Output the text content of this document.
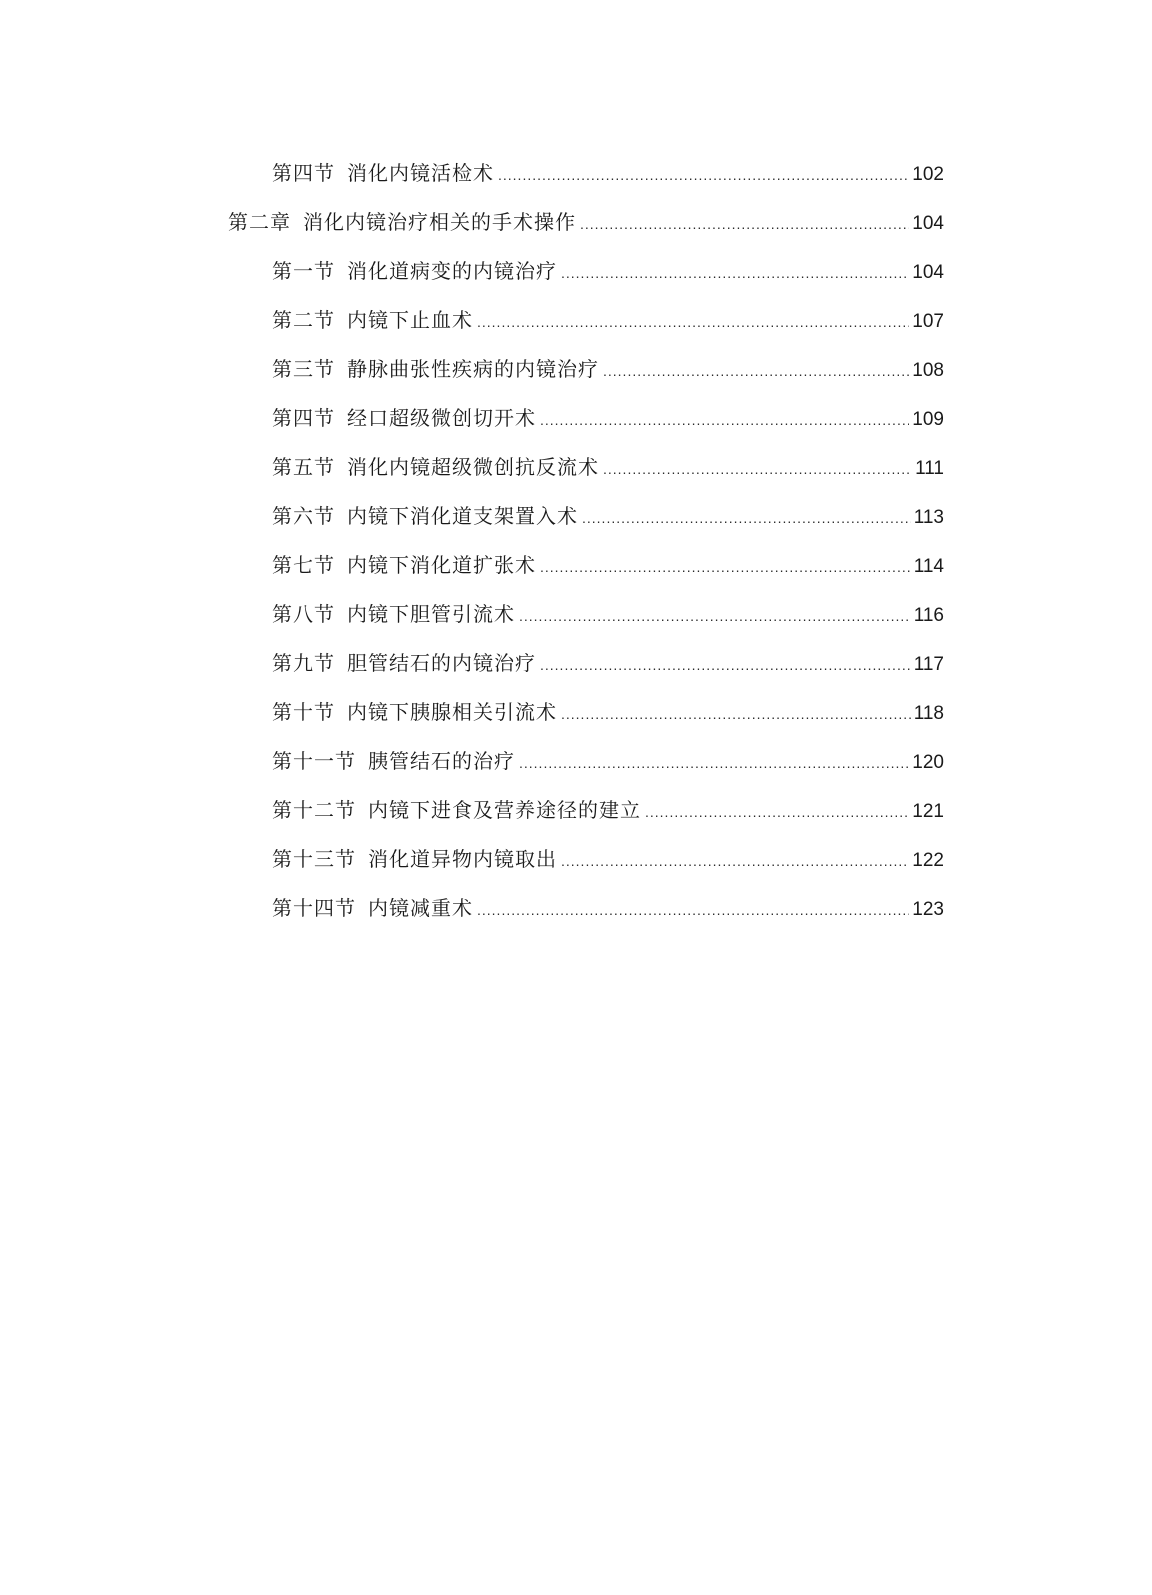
第四节 消化内镜活检术 .....	102
第二章 消化内镜治疗相关的手术操作 .....	104
第一节 消化道病变的内镜治疗 .....	104
第二节 内镜下止血术 .....	107
第三节 静脉曲张性疾病的内镜治疗 .....	108
第四节 经口超级微创切开术 .....	109
第五节 消化内镜超级微创抗反流术 .....	111
第六节 内镜下消化道支架置入术 .....	113
第七节 内镜下消化道扩张术 .....	114
第八节 内镜下胆管引流术 .....	116
第九节 胆管结石的内镜治疗 .....	117
第十节 内镜下胰腺相关引流术 .....	118
第十一节 胰管结石的治疗 .....	120
第十二节 内镜下进食及营养途径的建立 .....	121
第十三节 消化道异物内镜取出 .....	122
第十四节 内镜减重术 .....	123
